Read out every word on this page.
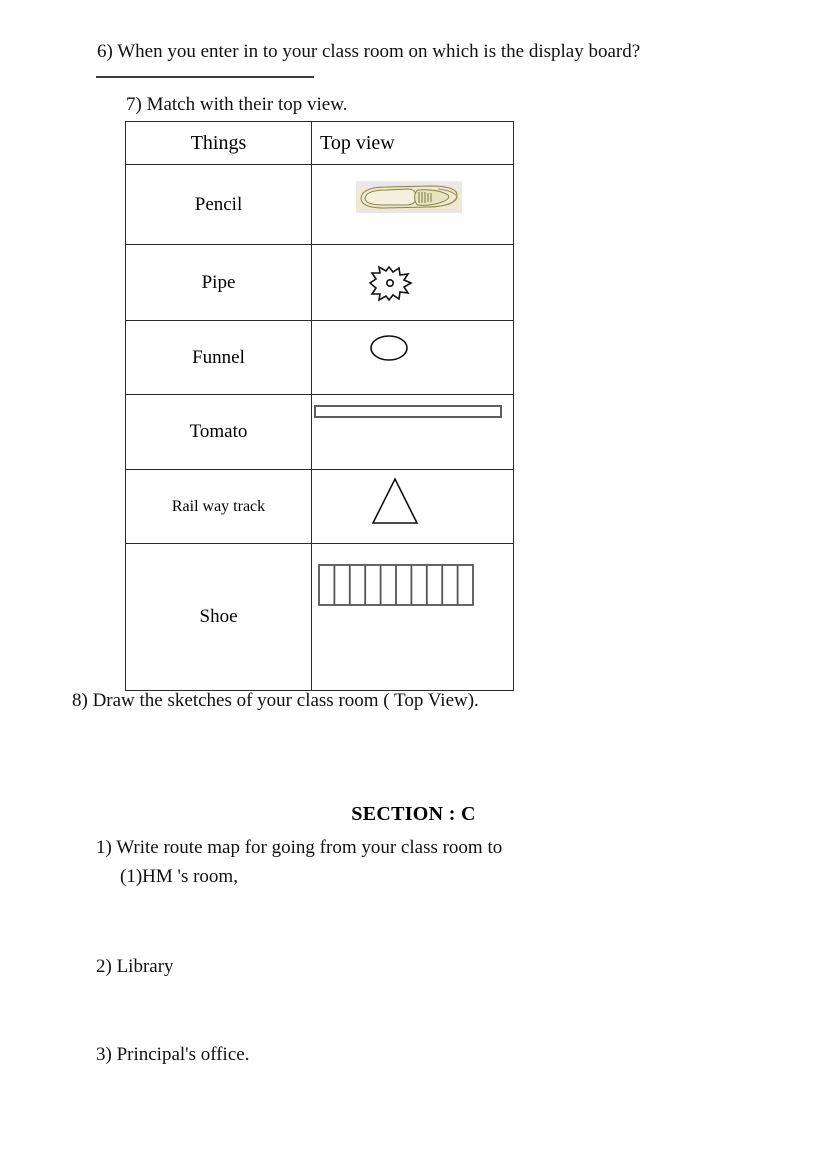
6) When you enter in to your class room on which is the display board?
7) Match with their top view.
Things	Top view
Pencil	

Pipe	

Funnel	

Tomato	

Rail way track	

Shoe	
8) Draw the sketches of your class room ( Top View).
SECTION : C
1) Write route map for going from your class room to
(1)HM 's room,
2) Library
3) Principal's office.
